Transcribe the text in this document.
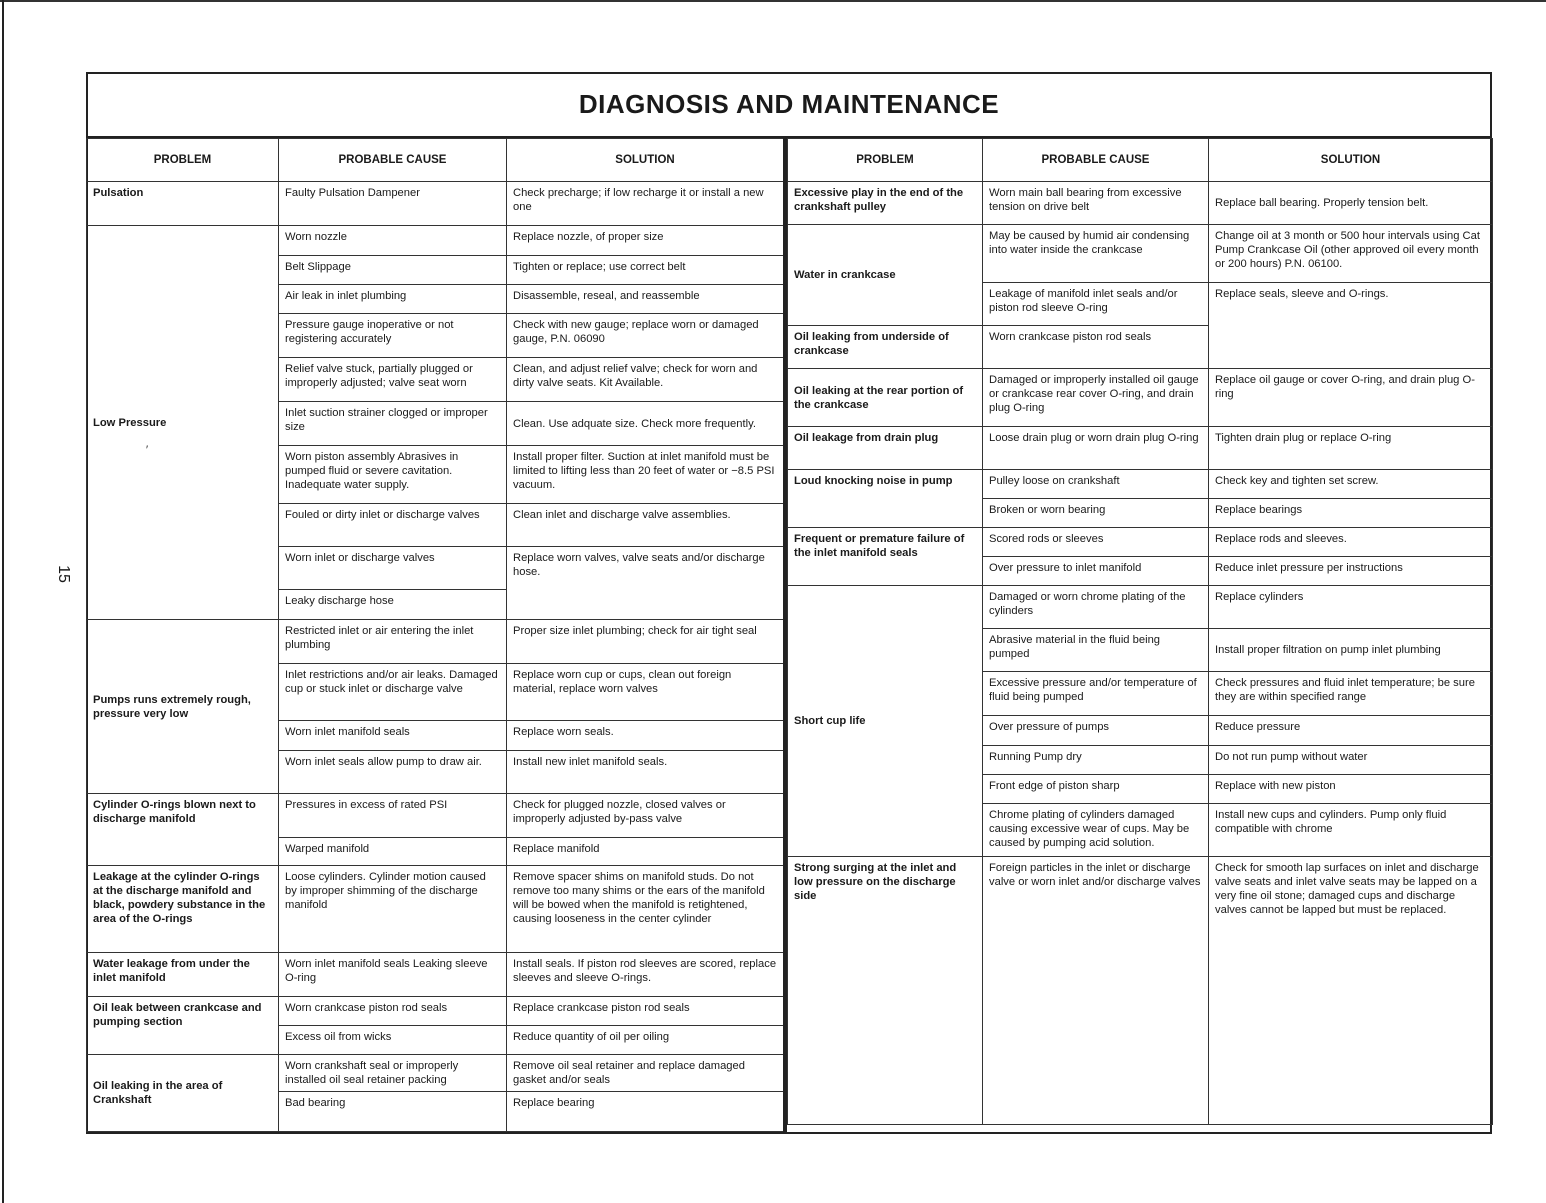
15
′
DIAGNOSIS AND MAINTENANCE
PROBLEM	PROBABLE CAUSE	SOLUTION
Pulsation	Faulty Pulsation Dampener	Check precharge; if low recharge it or install a new one
Low Pressure	Worn nozzle	Replace nozzle, of proper size
	Belt Slippage	Tighten or replace; use correct belt
	Air leak in inlet plumbing	Disassemble, reseal, and reassemble
	Pressure gauge inoperative or not registering accurately	Check with new gauge; replace worn or damaged gauge, P.N. 06090
	Relief valve stuck, partially plugged or improperly adjusted; valve seat worn	Clean, and adjust relief valve; check for worn and dirty valve seats. Kit Available.
	Inlet suction strainer clogged or improper size	Clean. Use adquate size. Check more frequently.
	Worn piston assembly Abrasives in pumped fluid or severe cavitation. Inadequate water supply.	Install proper filter. Suction at inlet manifold must be limited to lifting less than 20 feet of water or −8.5 PSI vacuum.
	Fouled or dirty inlet or discharge valves	Clean inlet and discharge valve assemblies.
	Worn inlet or discharge valves	Replace worn valves, valve seats and/or discharge hose.
	Leaky discharge hose	
Pumps runs extremely rough, pressure very low	Restricted inlet or air entering the inlet plumbing	Proper size inlet plumbing; check for air tight seal
	Inlet restrictions and/or air leaks. Damaged cup or stuck inlet or discharge valve	Replace worn cup or cups, clean out foreign material, replace worn valves
	Worn inlet manifold seals	Replace worn seals.
	Worn inlet seals allow pump to draw air.	Install new inlet manifold seals.
Cylinder O-rings blown next to discharge manifold	Pressures in excess of rated PSI	Check for plugged nozzle, closed valves or improperly adjusted by-pass valve
	Warped manifold	Replace manifold
Leakage at the cylinder O-rings at the discharge manifold and black, powdery substance in the area of the O-rings	Loose cylinders. Cylinder motion caused by improper shimming of the discharge manifold	Remove spacer shims on manifold studs. Do not remove too many shims or the ears of the manifold will be bowed when the manifold is retightened, causing looseness in the center cylinder
Water leakage from under the inlet manifold	Worn inlet manifold seals Leaking sleeve O-ring	Install seals. If piston rod sleeves are scored, replace sleeves and sleeve O-rings.
Oil leak between crankcase and pumping section	Worn crankcase piston rod seals	Replace crankcase piston rod seals
	Excess oil from wicks	Reduce quantity of oil per oiling
Oil leaking in the area of Crankshaft	Worn crankshaft seal or improperly installed oil seal retainer packing	Remove oil seal retainer and replace damaged gasket and/or seals
	Bad bearing	Replace bearing
PROBLEM	PROBABLE CAUSE	SOLUTION
Excessive play in the end of the crankshaft pulley	Worn main ball bearing from excessive tension on drive belt	Replace ball bearing. Properly tension belt.
Water in crankcase	May be caused by humid air condensing into water inside the crankcase	Change oil at 3 month or 500 hour intervals using Cat Pump Crankcase Oil (other approved oil every month or 200 hours) P.N. 06100.
	Leakage of manifold inlet seals and/or piston rod sleeve O-ring	Replace seals, sleeve and O-rings.
Oil leaking from underside of crankcase	Worn crankcase piston rod seals	
Oil leaking at the rear portion of the crankcase	Damaged or improperly installed oil gauge or crankcase rear cover O-ring, and drain plug O-ring	Replace oil gauge or cover O-ring, and drain plug O-ring
Oil leakage from drain plug	Loose drain plug or worn drain plug O-ring	Tighten drain plug or replace O-ring
Loud knocking noise in pump	Pulley loose on crankshaft	Check key and tighten set screw.
	Broken or worn bearing	Replace bearings
Frequent or premature failure of the inlet manifold seals	Scored rods or sleeves	Replace rods and sleeves.
	Over pressure to inlet manifold	Reduce inlet pressure per instructions
Short cup life	Damaged or worn chrome plating of the cylinders	Replace cylinders
	Abrasive material in the fluid being pumped	Install proper filtration on pump inlet plumbing
	Excessive pressure and/or temperature of fluid being pumped	Check pressures and fluid inlet temperature; be sure they are within specified range
	Over pressure of pumps	Reduce pressure
	Running Pump dry	Do not run pump without water
	Front edge of piston sharp	Replace with new piston
	Chrome plating of cylinders damaged causing excessive wear of cups. May be caused by pumping acid solution.	Install new cups and cylinders. Pump only fluid compatible with chrome
Strong surging at the inlet and low pressure on the discharge side	Foreign particles in the inlet or discharge valve or worn inlet and/or discharge valves	Check for smooth lap surfaces on inlet and discharge valve seats and inlet valve seats may be lapped on a very fine oil stone; damaged cups and discharge valves cannot be lapped but must be replaced.
